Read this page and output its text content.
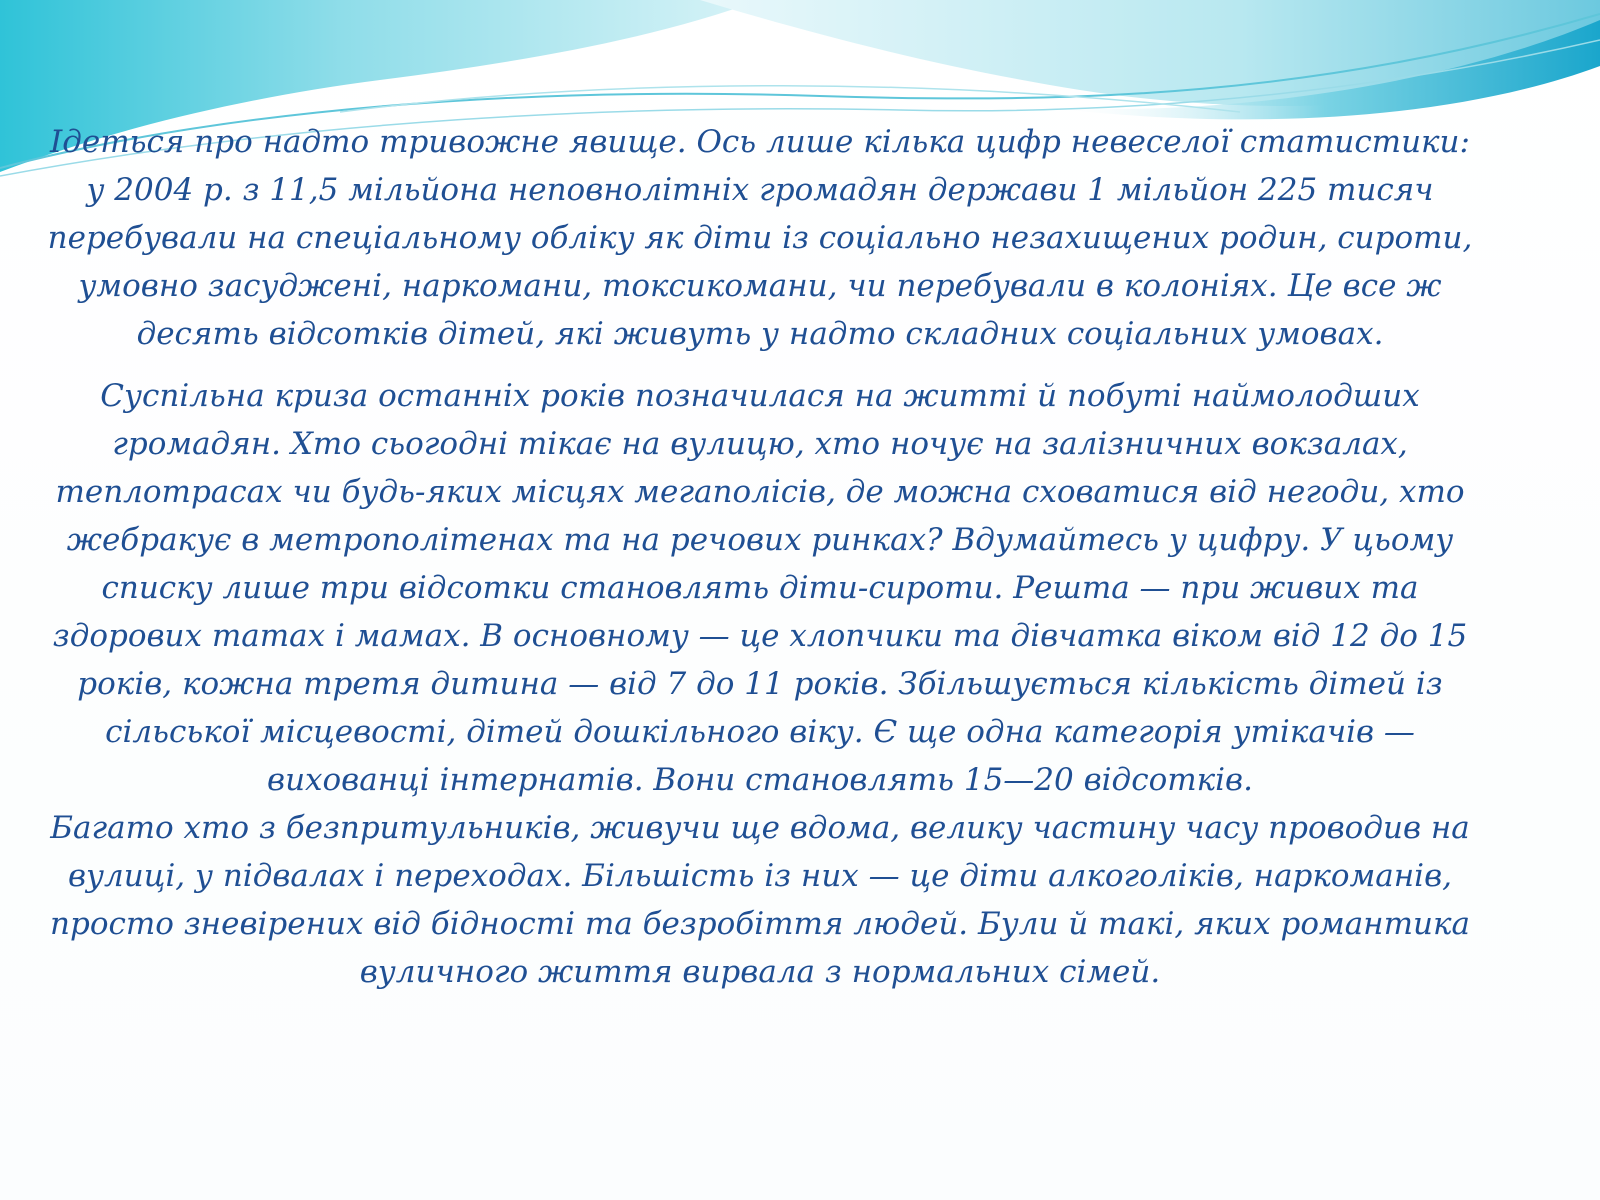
Ідеться про надто тривожне явище. Ось лише кілька цифр невеселої статистики: у 2004 р. з 11,5 мільйона неповнолітніх громадян держави 1 мільйон 225 тисяч перебували на спеціальному обліку як діти із соціально незахищених родин, сироти, умовно засуджені, наркомани, токсикомани, чи перебували в колоніях. Це все ж десять відсотків дітей, які живуть у надто складних соціальних умовах.

Суспільна криза останніх років позначилася на житті й побуті наймолодших громадян. Хто сьогодні тікає на вулицю, хто ночує на залізничних вокзалах, теплотрасах чи будь-яких місцях мегаполісів, де можна сховатися від негоди, хто жебракує в метрополітенах та на речових ринках? Вдумайтесь у цифру. У цьому списку лише три відсотки становлять діти-сироти. Решта — при живих та здорових татах і мамах. В основному — це хлопчики та дівчатка віком від 12 до 15 років, кожна третя дитина — від 7 до 11 років. Збільшується кількість дітей із сільської місцевості, дітей дошкільного віку. Є ще одна категорія утікачів — вихованці інтернатів. Вони становлять 15—20 відсотків.

Багато хто з безпритульників, живучи ще вдома, велику частину часу проводив на вулиці, у підвалах і переходах. Більшість із них — це діти алкоголіків, наркоманів, просто зневірених від бідності та безробіття людей. Були й такі, яких романтика вуличного життя вирвала з нормальних сімей.
